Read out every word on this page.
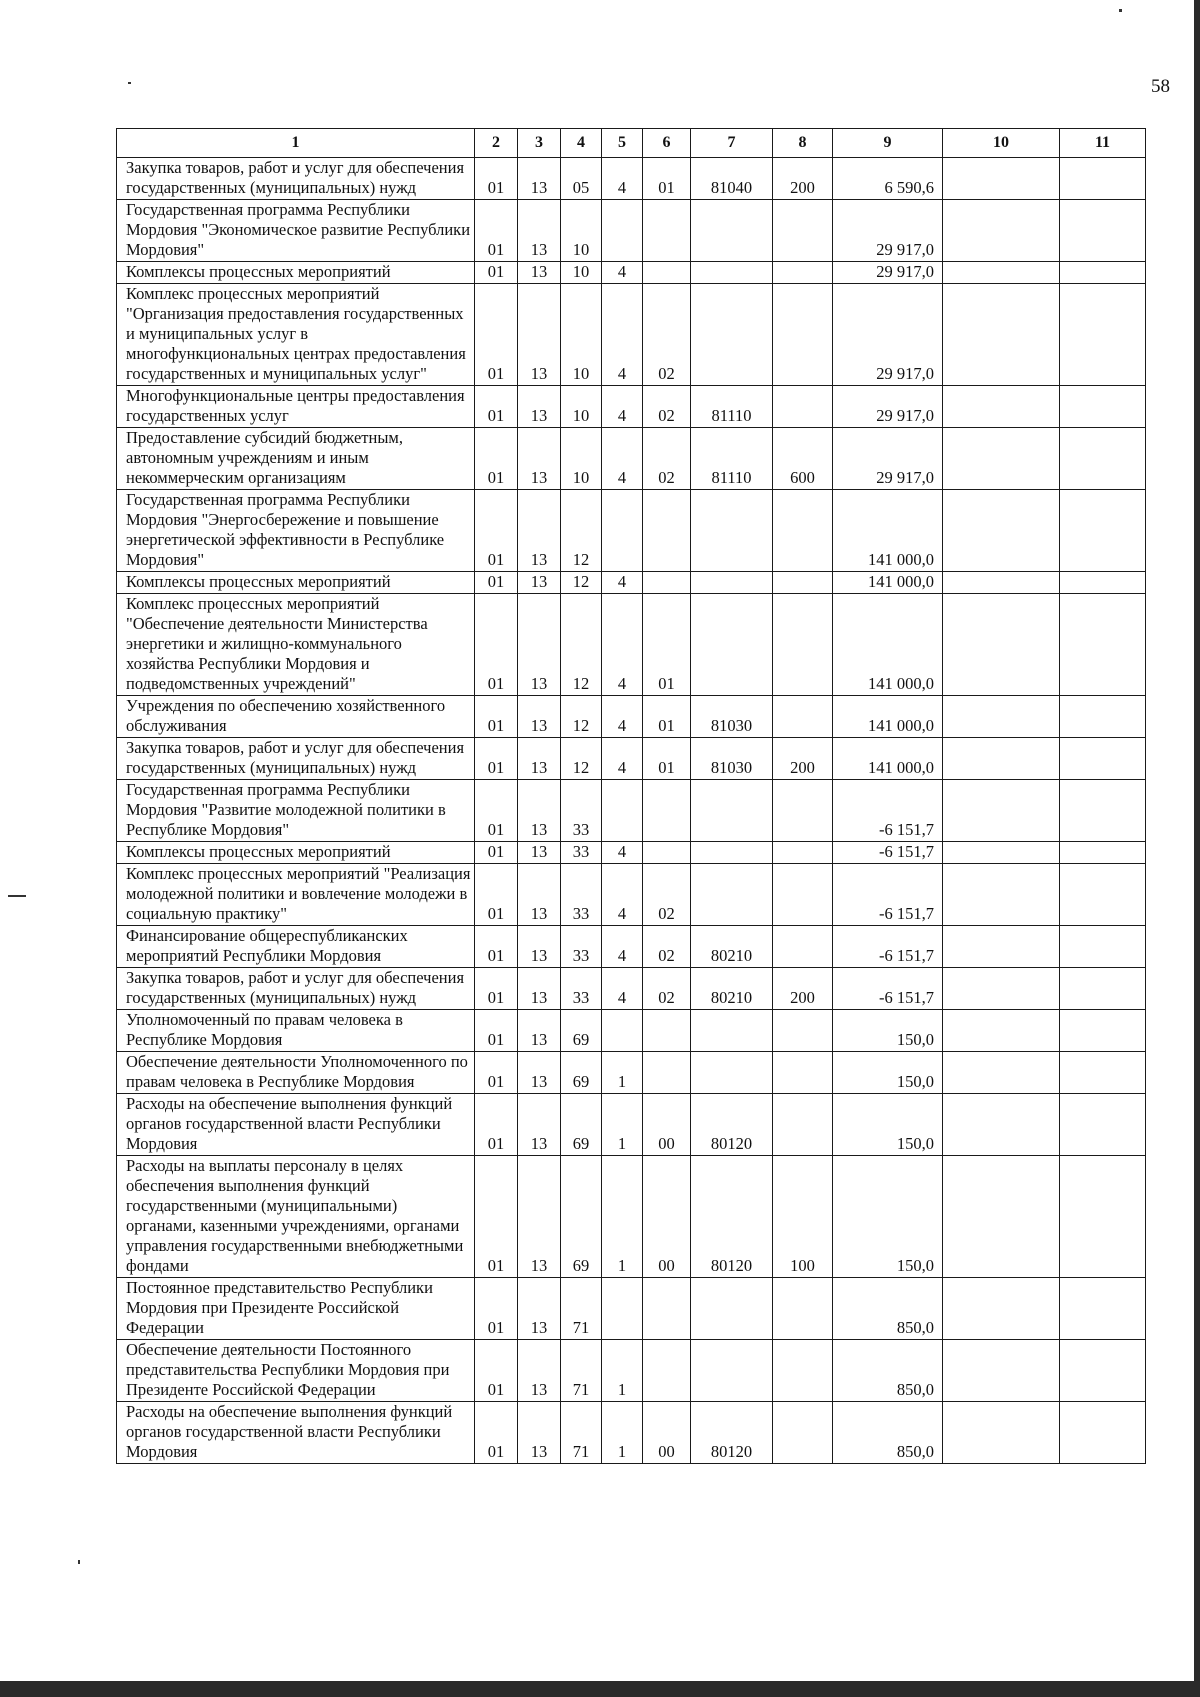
58
1	2	3	4	5	6	7	8	9	10	11
Закупка товаров, работ и услуг для обеспечения государственных (муниципальных) нужд	01	13	05	4	01	81040	200	6 590,6		
Государственная программа Республики Мордовия "Экономическое развитие Республики Мордовия"	01	13	10					29 917,0		
Комплексы процессных мероприятий	01	13	10	4				29 917,0		
Комплекс процессных мероприятий "Организация предоставления государственных и муниципальных услуг в многофункциональных центрах предоставления государственных и муниципальных услуг"	01	13	10	4	02			29 917,0		
Многофункциональные центры предоставления государственных услуг	01	13	10	4	02	81110		29 917,0		
Предоставление субсидий бюджетным, автономным учреждениям и иным некоммерческим организациям	01	13	10	4	02	81110	600	29 917,0		
Государственная программа Республики Мордовия "Энергосбережение и повышение энергетической эффективности в Республике Мордовия"	01	13	12					141 000,0		
Комплексы процессных мероприятий	01	13	12	4				141 000,0		
Комплекс процессных мероприятий "Обеспечение деятельности Министерства энергетики и жилищно-коммунального хозяйства Республики Мордовия и подведомственных учреждений"	01	13	12	4	01			141 000,0		
Учреждения по обеспечению хозяйственного обслуживания	01	13	12	4	01	81030		141 000,0		
Закупка товаров, работ и услуг для обеспечения государственных (муниципальных) нужд	01	13	12	4	01	81030	200	141 000,0		
Государственная программа Республики Мордовия "Развитие молодежной политики в Республике Мордовия"	01	13	33					-6 151,7		
Комплексы процессных мероприятий	01	13	33	4				-6 151,7		
Комплекс процессных мероприятий "Реализация молодежной политики и вовлечение молодежи в социальную практику"	01	13	33	4	02			-6 151,7		
Финансирование общереспубликанских мероприятий Республики Мордовия	01	13	33	4	02	80210		-6 151,7		
Закупка товаров, работ и услуг для обеспечения государственных (муниципальных) нужд	01	13	33	4	02	80210	200	-6 151,7		
Уполномоченный по правам человека в Республике Мордовия	01	13	69					150,0		
Обеспечение деятельности Уполномоченного по правам человека в Республике Мордовия	01	13	69	1				150,0		
Расходы на обеспечение выполнения функций органов государственной власти Республики Мордовия	01	13	69	1	00	80120		150,0		
Расходы на выплаты персоналу в целях обеспечения выполнения функций государственными (муниципальными) органами, казенными учреждениями, органами управления государственными внебюджетными фондами	01	13	69	1	00	80120	100	150,0		
Постоянное представительство Республики Мордовия при Президенте Российской Федерации	01	13	71					850,0		
Обеспечение деятельности Постоянного представительства Республики Мордовия при Президенте Российской Федерации	01	13	71	1				850,0		
Расходы на обеспечение выполнения функций органов государственной власти Республики Мордовия	01	13	71	1	00	80120		850,0		
